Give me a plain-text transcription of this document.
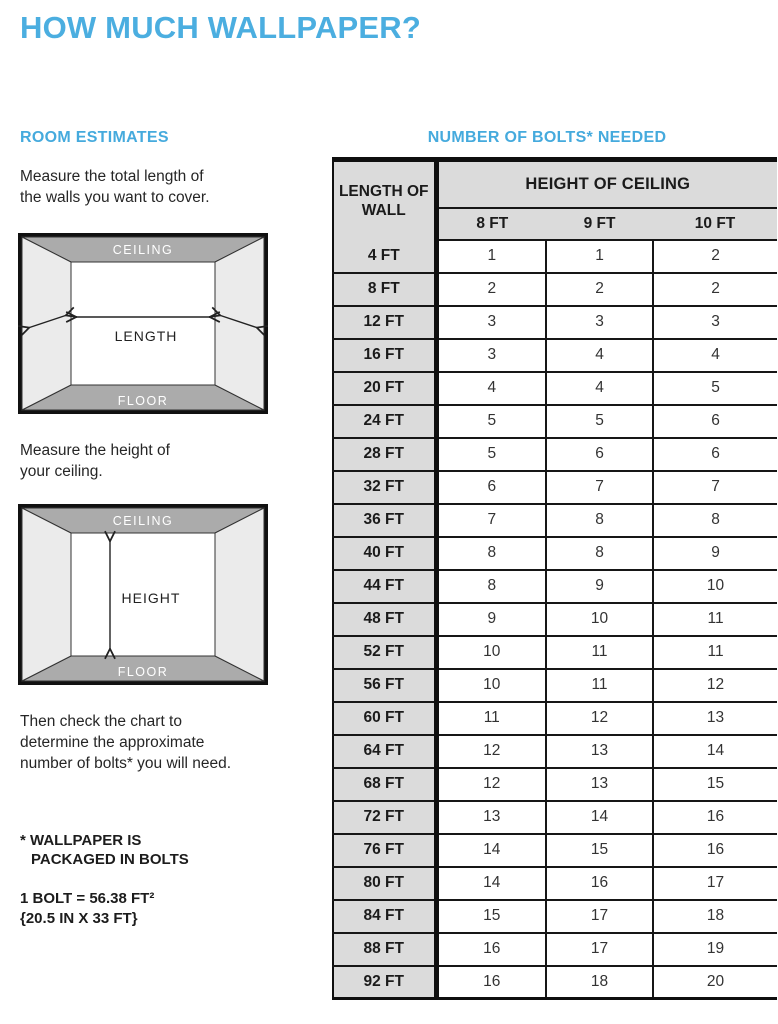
HOW MUCH WALLPAPER?
ROOM ESTIMATES	NUMBER OF BOLTS* NEEDED

Measure the total length of
the walls you want to cover.

CEILING
FLOOR
LENGTH

Measure the height of
your ceiling.

CEILING
FLOOR
HEIGHT

Then check the chart to
determine the approximate
number of bolts* you will need.

* WALLPAPER IS
PACKAGED IN BOLTS
1 BOLT = 56.38 FT²
{20.5 IN X 33 FT}
LENGTH OF WALL	HEIGHT OF CEILING		
	8 FT	9 FT	10 FT
4 FT	1	1	2
8 FT	2	2	2
12 FT	3	3	3
16 FT	3	4	4
20 FT	4	4	5
24 FT	5	5	6
28 FT	5	6	6
32 FT	6	7	7
36 FT	7	8	8
40 FT	8	8	9
44 FT	8	9	10
48 FT	9	10	11
52 FT	10	11	11
56 FT	10	11	12
60 FT	11	12	13
64 FT	12	13	14
68 FT	12	13	15
72 FT	13	14	16
76 FT	14	15	16
80 FT	14	16	17
84 FT	15	17	18
88 FT	16	17	19
92 FT	16	18	20
